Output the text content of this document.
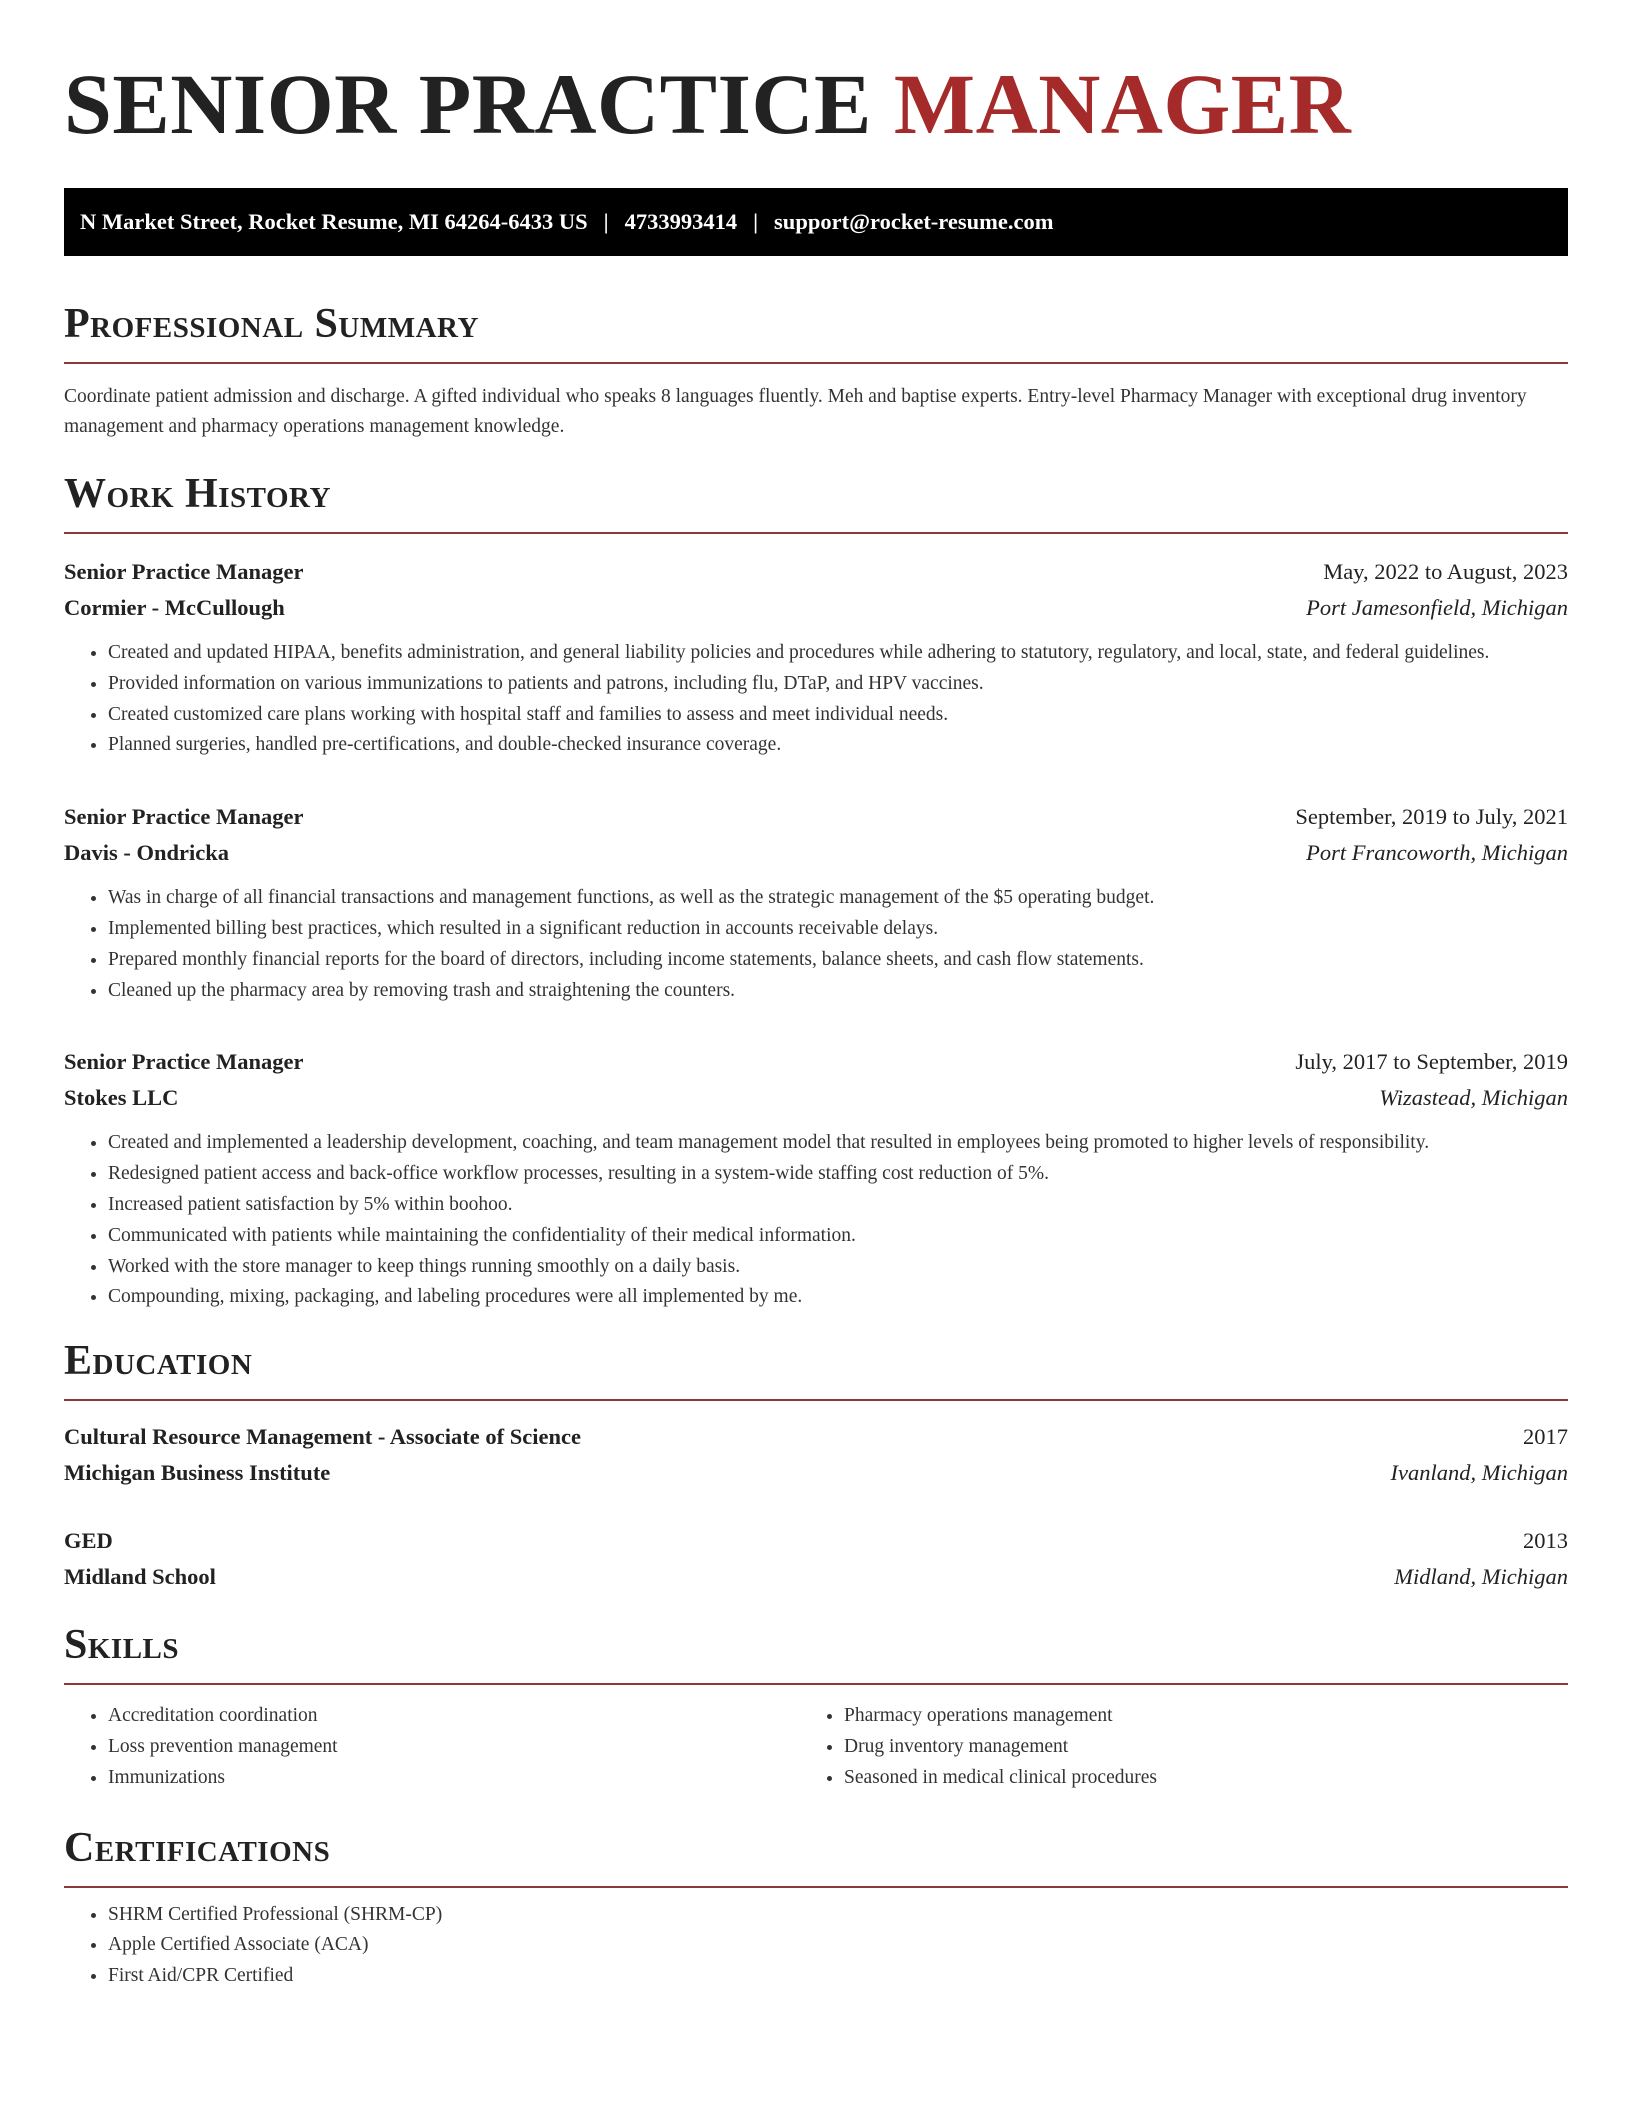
SENIOR PRACTICE MANAGER
N Market Street, Rocket Resume, MI 64264-6433 US | 4733993414 | support@rocket-resume.com
Professional Summary

Coordinate patient admission and discharge. A gifted individual who speaks 8 languages fluently. Meh and baptise experts. Entry-level Pharmacy Manager with exceptional drug inventory management and pharmacy operations management knowledge.

Work History
Senior Practice Manager	May, 2022 to August, 2023
Cormier - McCullough	Port Jamesonfield, Michigan
• Created and updated HIPAA, benefits administration, and general liability policies and procedures while adhering to statutory, regulatory, and local, state, and federal guidelines.
• Provided information on various immunizations to patients and patrons, including flu, DTaP, and HPV vaccines.
• Created customized care plans working with hospital staff and families to assess and meet individual needs.
• Planned surgeries, handled pre-certifications, and double-checked insurance coverage.
Senior Practice Manager	September, 2019 to July, 2021
Davis - Ondricka	Port Francoworth, Michigan
• Was in charge of all financial transactions and management functions, as well as the strategic management of the $5 operating budget.
• Implemented billing best practices, which resulted in a significant reduction in accounts receivable delays.
• Prepared monthly financial reports for the board of directors, including income statements, balance sheets, and cash flow statements.
• Cleaned up the pharmacy area by removing trash and straightening the counters.
Senior Practice Manager	July, 2017 to September, 2019
Stokes LLC	Wizastead, Michigan
• Created and implemented a leadership development, coaching, and team management model that resulted in employees being promoted to higher levels of responsibility.
• Redesigned patient access and back-office workflow processes, resulting in a system-wide staffing cost reduction of 5%.
• Increased patient satisfaction by 5% within boohoo.
• Communicated with patients while maintaining the confidentiality of their medical information.
• Worked with the store manager to keep things running smoothly on a daily basis.
• Compounding, mixing, packaging, and labeling procedures were all implemented by me.
Education
Cultural Resource Management - Associate of Science	2017
Michigan Business Institute	Ivanland, Michigan
GED	2013
Midland School	Midland, Michigan
Skills
• Accreditation coordination
• Loss prevention management
• Immunizations
• Pharmacy operations management
• Drug inventory management
• Seasoned in medical clinical procedures
Certifications
• SHRM Certified Professional (SHRM-CP)
• Apple Certified Associate (ACA)
• First Aid/CPR Certified
